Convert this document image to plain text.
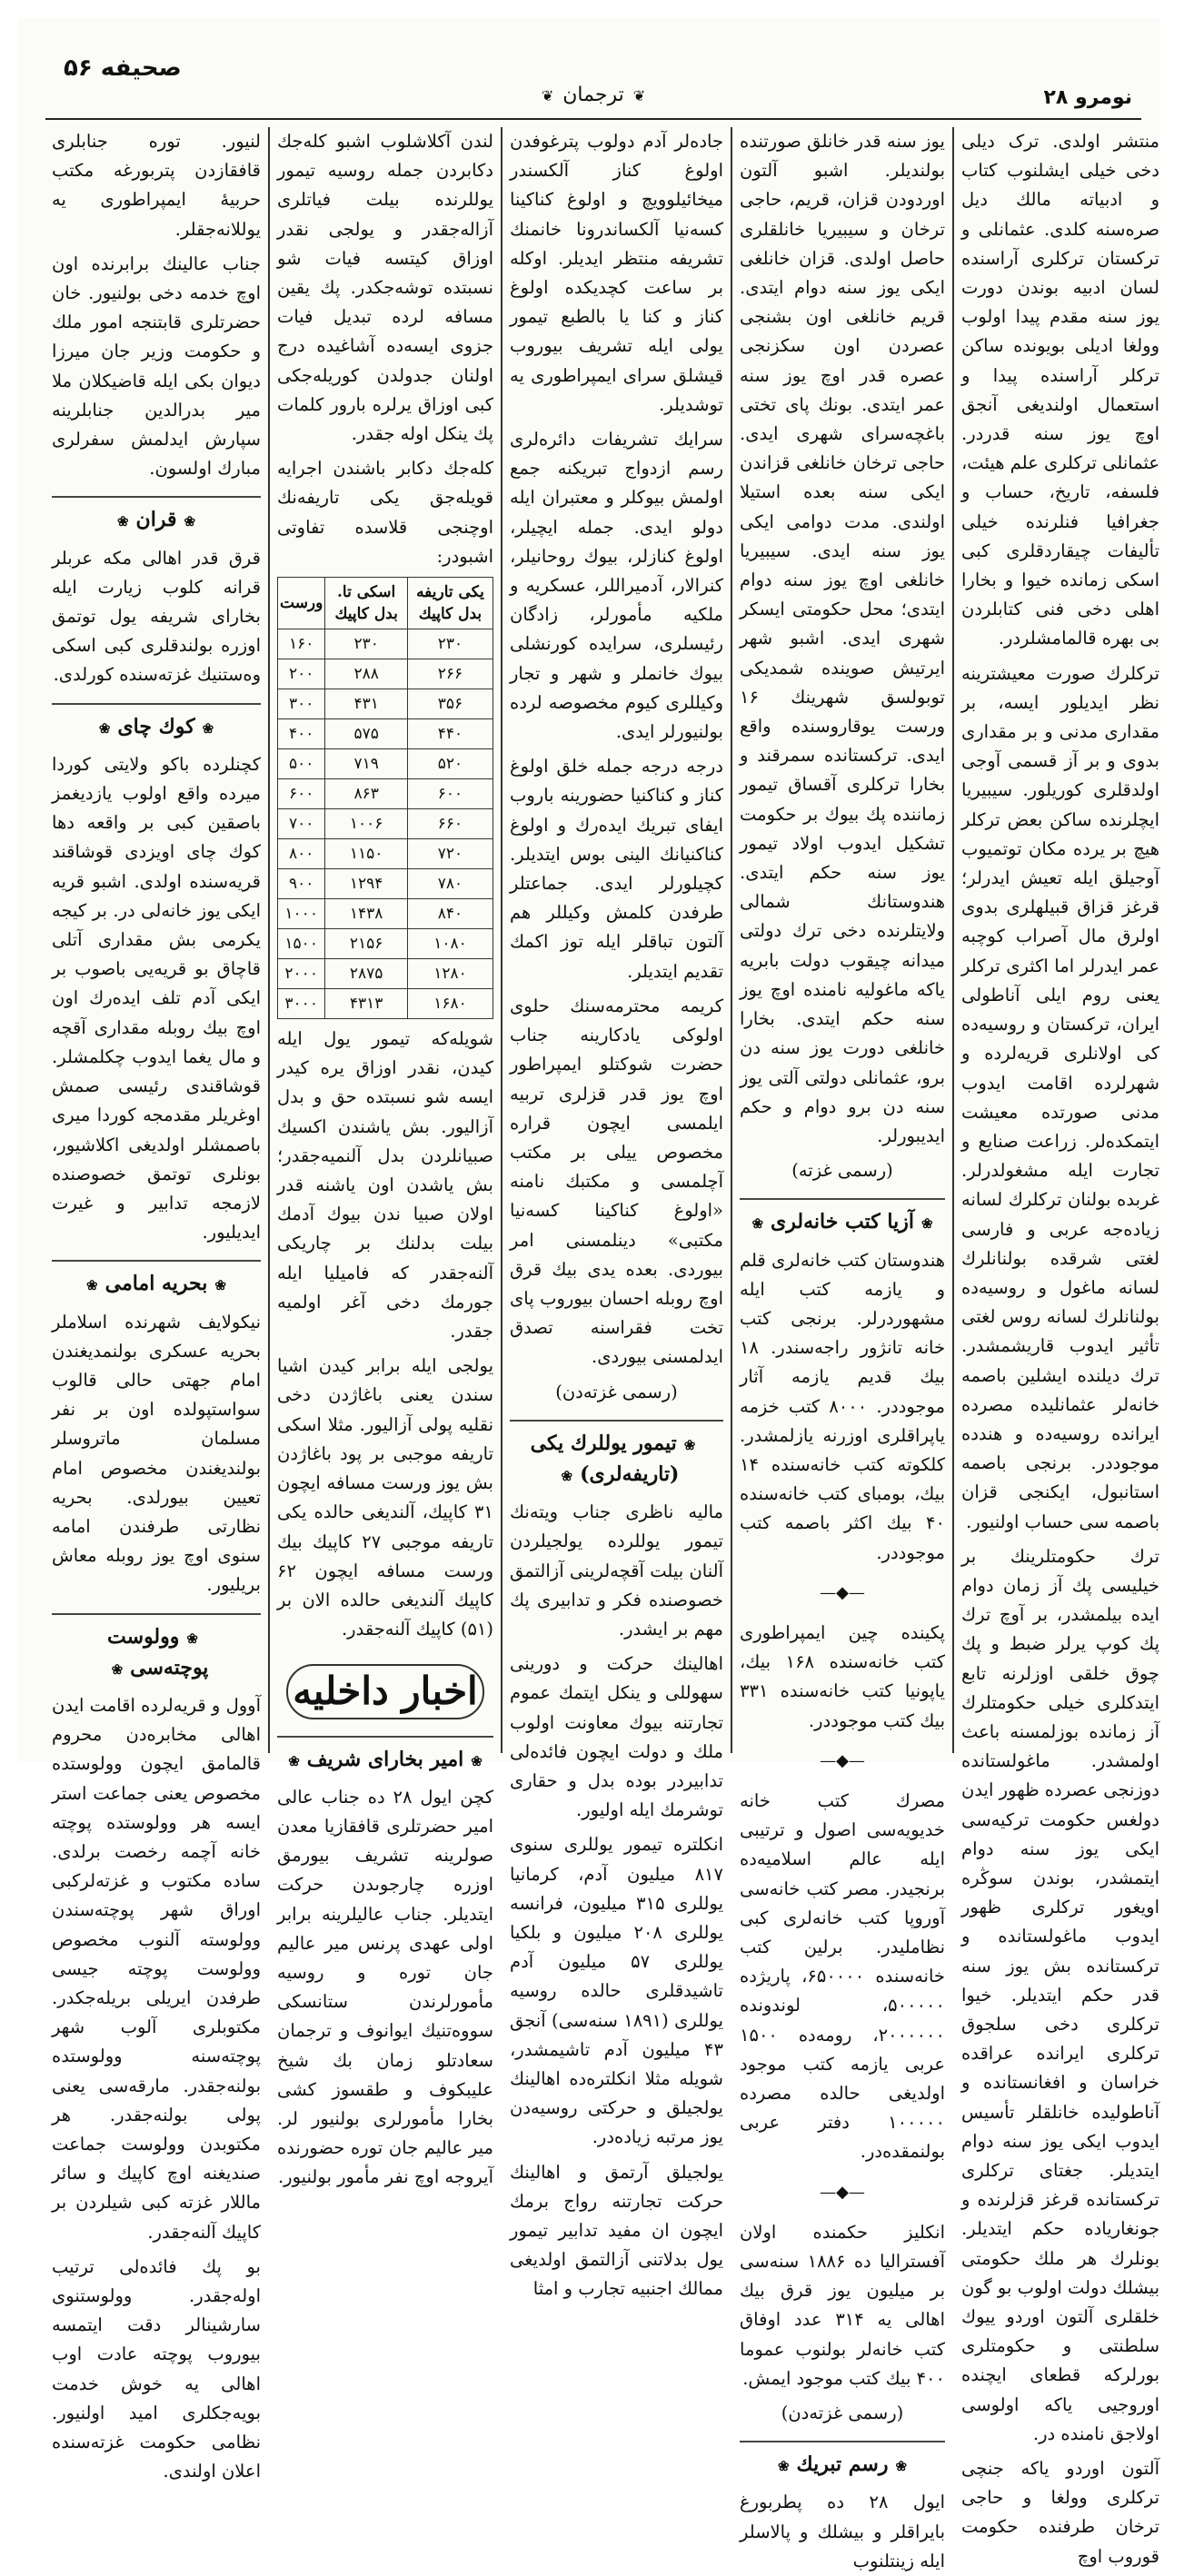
صحیفه ۵۶
❦ ترجمان ❦	نومرو ۲۸

منتشر اولدی. ترک دیلی دخی خیلی ایشلنوب کتاب و ادبیاته مالك دیل صرەسنه کلدی. عثمانلی و ترکستان ترکلری آراسنده لسان ادبیه بوندن دورت یوز سنه مقدم پیدا اولوب وولغا ادیلی بویونده ساکن ترکلر آراسنده پیدا و استعمال اولندیغی آنجق اوچ یوز سنه قدردر. عثمانلی ترکلری علم هیئت، فلسفه، تاریخ، حساب و جغرافیا فنلرنده خیلی تألیفات چیقاردقلری کبی اسکی زمانده خیوا و بخارا اهلی دخی فنی کتابلردن بی بهره قالمامشلردر.

ترکلرك صورت معیشترینه نظر ایدیلور ایسه، بر مقداری مدنی و بر مقداری بدوی و بر آز قسمی آوجی اولدقلری کوریلور. سیبیریا ایچلرنده ساکن بعض ترکلر هیچ بر یرده مکان توتمیوب آوجیلق ایله تعیش ایدرلر؛ قرغز قزاق قبیلهلری بدوی اولرق مال آصراب کوچبه عمر ایدرلر اما اکثری ترکلر یعنی روم ایلی آناطولی ایران، ترکستان و روسیەده کی اولانلری قریەلرده و شهرلرده اقامت ایدوب مدنی صورتده معیشت ایتمکدەلر. زراعت صنایع و تجارت ایله مشغولدرلر. غربده بولنان ترکلرك لسانه زیادەجه عربی و فارسی لغتی شرقده بولنانلرك لسانه ماغول و روسیەده بولنانلرك لسانه روس لغتی تأثیر ایدوب قاریشمشدر. ترك دیلنده ایشلین باصمه خانەلر عثمانلیده مصرده ایرانده روسیەده و هندده موجوددر. برنجی باصمه استانبول، ایکنجی قزان باصمه سی حساب اولنیور.

ترك حکومتلرینك بر خیلیسی پك آز زمان دوام ایدە بیلمشدر، بر آوچ ترك پك کوپ یرلر ضبط و پك چوق خلقی اوزلرنه تابع ایتدکلری خیلی حکومتلرك آز زمانده بوزلمسنه باعث اولمشدر. ماغولستاندە دوزنجی عصردە ظهور ایدن دولغس حکومت ترکیەسی ایکی یوز سنه دوام ایتمشدر، بوندن سوڭره اویغور ترکلری ظهور ایدوب ماغولستانده و ترکستانده بش یوز سنه قدر حکم ایتدیلر. خیوا ترکلری دخی سلجوق ترکلری ایرانده عراقده خراسان و افغانستانده و آناطولیده خانلقلر تأسیس ایدوب ایکی یوز سنه دوام ایتدیلر. جغتای ترکلری ترکستانده قرغز قزلرنده و جونغاریاده حکم ایتدیلر. بونلرك هر ملك حکومتی بیشلك دولت اولوب بو گون خلقلری آلتون اوردو ییوك سلطنتی و حکومتلری بورلرکه قطعای ایچنده اوروجیی یاکه اولوسی اولاجق نامنده در.

آلتون اوردو یاکه جنچی ترکلری وولغا و حاجی ترخان طرفنده حکومت قوروب اوچ

یوز سنه قدر خانلق صورتنده بولندیلر. اشبو آلتون اوردودن قزان، قریم، حاجی ترخان و سیبیریا خانلقلری حاصل اولدی. قزان خانلغی ایکی یوز سنه دوام ایتدی. قریم خانلغی اون بشنجی عصردن اون سکزنجی عصره قدر اوچ یوز سنه عمر ایتدی. بونك پای تختی باغچەسرای شهری ایدی. حاجی ترخان خانلغی قزاندن ایکی سنه بعده استیلا اولندی. مدت دوامی ایکی یوز سنه ایدی. سیبیریا خانلغی اوچ یوز سنه دوام ایتدی؛ محل حکومتی ایسکر شهری ایدی. اشبو شهر ایرتیش صوینده شمدیکی توبولسق شهرینك ۱۶ ورست یوقاروسنده واقع ایدی. ترکستانده سمرقند و بخارا ترکلری آقساق تیمور زماننده پك بیوك بر حکومت تشکیل ایدوب اولاد تیمور یوز سنه حکم ایتدی. هندوستانك شمالی ولایتلرنده دخی ترك دولتی میدانه چیقوب دولت بابریه یاکه ماغولیه نامنده اوچ یوز سنه حکم ایتدی. بخارا خانلغی دورت یوز سنه دن برو، عثمانلی دولتی آلتی یوز سنه دن برو دوام و حکم ایدیبورلر.

(رسمی غزته)
❀ آزیا کتب خانەلری ❀

هندوستان کتب خانەلری قلم و یازمه کتب ایله مشهوردرلر. برنجی کتب خانه تانژور راجەسندر. ۱۸ بیك قدیم یازمه آثار موجوددر. ۸۰۰۰ کتب خزمه یاپراقلری اوزرنه یازلمشدر. کلکوته کتب خانەسنده ۱۴ بیك، بومبای کتب خانەسنده ۴۰ بیك اکثر باصمه کتب موجوددر.

—◆—

پکینده چین ایمپراطوری کتب خانەسنده ۱۶۸ بیك، یاپونیا کتب خانەسنده ۳۳۱ بیك کتب موجوددر.

—◆—

مصرك کتب خانه خدیویەسی اصول و ترتیبی ایله عالم اسلامیەده برنجیدر. مصر کتب خانەسی آوروپا کتب خانەلری کبی نظاملیدر. برلین کتب خانەسنده ۶۵۰۰۰۰، پاریژده ۵۰۰۰۰۰، لوندونده ۲۰۰۰۰۰۰، رومەده ۱۵۰۰ عربی یازمه کتب موجود اولدیغی حالده مصرده ۱۰۰۰۰۰ دفتر عربی بولنمقدەدر.

—◆—

انکلیز حکمنده اولان آفستراليا ده ۱۸۸۶ سنه‌سی بر میلیون یوز قرق بیك اهالی یه ۳۱۴ عدد اوفاق کتب خانەلر بولنوب عموما ۴۰۰ بیك کتب موجود ایمش.

(رسمی غزته‌دن)
❀ رسم تبریك ❀

ایول ۲۸ ده پطربورغ بایراقلر و بیشلك و پالاسلر ایله زینتلنوب

جادەلر آدم دولوب پترغوفدن اولوغ کناز آلکسندر میخائیلوویچ و اولوغ کناکینا کسەنیا آلکساندرونا خانمنك تشریفه منتظر ایدیلر. اوکله بر ساعت کچدیکده اولوغ کناز و کنا یا بالطبع تیمور یولی ایله تشریف بیوروب قیشلق سرای ایمپراطوری یه توشدیلر.

سرایك تشریفات دائرەلری رسم ازدواج تبریکنه جمع اولمش بیوکلر و معتبران ایله دولو ایدی. جمله ایچیلر، اولوغ کنازلر، بیوك روحانیلر، کنرالار، آدمیراللر، عسکریه و ملکیه مأمورلر، زادگان رئیسلری، سرایده کورنشلی بیوك خانملر و شهر و تجار وکیللری کیوم مخصوصه لرده بولنیورلر ایدی.

درجه درجه جمله خلق اولوغ کناز و کناکنیا حضورینه باروب ایفای تبریك ایدەرك و اولوغ کناکنیانك الینی بوس ایتدیلر. کچیلورلر ایدی. جماعتلر طرفدن کلمش وکیللر هم آلتون تباقلر ایله توز اکمك تقدیم ایتدیلر.

کریمه محترمەسنك حلوی اولوکی یادکارینه جناب حضرت شوکتلو ایمپراطور اوچ یوز قدر قزلری تربیە ایلمسی ایچون قرارە مخصوص ییلی بر مکتب آچلمسی و مکتبك نامنه «اولوغ کناکینا کسەنیا مکتبی» دینلمسنی امر بیوردی. بعده یدی بیك قرق اوچ روبلە احسان بیوروب پای تخت فقراسنه تصدق ایدلمسنی بیوردی.

(رسمی غزته‌دن)
❀ تیمور یوللرك یکی (تاریفەلری) ❀

مالیه ناظری جناب ویتەنك تیمور یوللرده یولجیلردن آلنان بیلت آقچەلرینی آزالتمق خصوصنده فکر و تدابیری پك مهم بر ایشدر.

اهالینك حرکت و دورینی سهوللی و ینکل ایتمك عموم تجارتنه بیوك معاونت اولوب ملك و دولت ایچون فائدەلی تدابیردر بوده بدل و حقاری توشرمك ایله اولیور.

انکلتره تیمور یوللری سنوی ۸۱۷ میلیون آدم، کرمانیا یوللری ۳۱۵ میلیون، فرانسه یوللری ۲۰۸ میلیون و بلکیا یوللری ۵۷ میلیون آدم تاشیدقلری حالده روسیه یوللری (۱۸۹۱ سنەسی) آنجق ۴۳ میلیون آدم تاشیمشدر، شویله مثلا انکلترەده اهالینك یولجیلق و حرکتی روسیەدن یوز مرتبه زیادەدر.

یولجیلق آرتمق و اهالینك حرکت تجارتنه رواج برمك ایچون ان مفید تدابیر تیمور یول بدلاتنی آزالتمق اولدیغی ممالك اجنبیه تجارب و امثا

لندن آکلاشلوب اشبو کلەجك دکابردن جمله روسیه تیمور یوللرنده بیلت فیاتلری آزالەجقدر و یولجی نقدر اوزاق کیتسه فیات شو نسبتده توشەجکدر. پك یقین مسافه لرده تبدیل فیات جزوی ایسەده آشاغیده درج اولنان جدولدن کوریلەجکی کبی اوزاق یرلره بارور کلمات پك ینکل اوله جقدر.

کله‌جك دکابر باشندن اجرایه قویله‌جق یکی تاریفه‌نك اوچنجی قلاسده تفاوتی اشبودر:

یکی تاریفه بدل کاپیك	اسکی تا. بدل کاپیك	ورست
۲۳۰	۲۳۰	۱۶۰
۲۶۶	۲۸۸	۲۰۰
۳۵۶	۴۳۱	۳۰۰
۴۴۰	۵۷۵	۴۰۰
۵۲۰	۷۱۹	۵۰۰
۶۰۰	۸۶۳	۶۰۰
۶۶۰	۱۰۰۶	۷۰۰
۷۲۰	۱۱۵۰	۸۰۰
۷۸۰	۱۲۹۴	۹۰۰
۸۴۰	۱۴۳۸	۱۰۰۰
۱۰۸۰	۲۱۵۶	۱۵۰۰
۱۲۸۰	۲۸۷۵	۲۰۰۰
۱۶۸۰	۴۳۱۳	۳۰۰۰

شویله‌که تیمور یول ایله کیدن، نقدر اوزاق یره کیدر ایسه شو نسبتده حق و بدل آزالیور. بش یاشندن اکسیك صبیانلردن بدل آلنمیه‌جقدر؛ بش یاشدن اون یاشنه قدر اولان صبیا ندن بیوك آدمك بیلت بدلنك بر چاریکی آلنه‌جقدر که فامیلیا ایله جورمك دخی آغر اولمیه جقدر.

یولجی ایله برابر کیدن اشیا سندن یعنی باغاژدن دخی نقلیه پولی آزالیور. مثلا اسکی تاریفه موجبی بر پود باغاژدن بش یوز ورست مسافه ایچون ۳۱ کاپیك، آلندیغی حالده یکی تاریفه موجبی ۲۷ کاپیك بیك ورست مسافه ایچون ۶۲ کاپیك آلندیغی حالده الان بر (۵۱) کاپیك آلنه‌جقدر.

اخبار داخلیه
❀ امیر بخارای شریف ❀

کچن ایول ۲۸ ده جناب عالی امیر حضرتلری قافقازیا معدن صولرینه تشریف بیورمق اوزره چارجوىدن حرکت ایتدیلر. جناب عالیلرینه برابر اولی عهدی پرنس میر عالیم جان توره و روسیه مأمورلرندن ستانسکی سووه‌تنیك ایوانوف و ترجمان سعادتلو زمان بك شیخ علیبکوف و طقسوز کشی بخارا مأمورلری بولنیور لر. میر عالیم جان توره حضورنده آیروجه اوچ نفر مأمور بولنیور.

لنیور. توره جنابلری قافقازدن پتربورغه مکتب حربیۀ ایمپراطوری یه یوللانه‌جقلر.

جناب عالینك برابرنده اون اوچ خدمه دخی بولنیور. خان حضرتلری قابتنجه امور ملك و حکومت وزیر جان میرزا دیوان بکی ایله قاضیکلان ملا میر بدرالدین جنابلرینه سپارش ایدلمش سفرلری مبارك اولسون.

❀ قران ❀

قرق قدر اهالی مکه عربلر قرانه کلوب زیارت ایله بخارای شریفه یول توتمق اوزره بولندقلری کبی اسکی وەستنیك غزته‌سنده کورلدی.

❀ کوك چای ❀

کچنلرده باکو ولایتی کوردا میرده واقع اولوب یازدیغمز باصقین کبی بر واقعه دها کوك چای اویزدی قوشاقند قریەسنده اولدی. اشبو قریه ایکی یوز خانه‌لی در. بر کیجه یکرمی بش مقداری آتلی قاچاق بو قریەیی باصوب بر ایکی آدم تلف ایدەرك اون اوچ بیك روبلە مقداری آقچه و مال یغما ایدوب چکلمشلر. قوشاقندی رئیسی صمش اوغریلر مقدمجه کوردا میری باصمشلر اولدیغی اکلاشیور، بونلری توتمق خصوصنده لازمجه تدابیر و غیرت ایدیلیور.

❀ بحریه امامی ❀

نیکولایف شهرنده اسلاملر بحریه عسکری بولنمدیغندن امام جهتی حالی قالوب سواستپولده اون بر نفر مسلمان ماتروسلر بولندیغندن مخصوص امام تعیین بیورلدی. بحریه نظارتی طرفندن امامه سنوی اوچ یوز روبله معاش بریلیور.

❀ وولوست پوچته‌سی ❀

آوول و قریه‌لرده اقامت ایدن اهالی مخابره‌دن محروم قالمامق ایچون وولوستده مخصوص یعنی جماعت استر ایسه هر وولوستده پوچته خانه آچمه رخصت برلدی. ساده مکتوب و غزته‌لرکبی اوراق شهر پوچته‌سندن وولوستە آلنوب مخصوص وولوست پوچته جیسی طرفدن ایریلی بریله‌جکدر. مکتوبلری آلوب شهر پوچته‌سنه وولوستده بولنه‌جقدر. مارقه‌سی یعنی پولی بولنه‌جقدر. هر مکتوبدن وولوست جماعت صندیغنه اوچ کاپیك و سائر ماللار غزته کبی شیلردن بر کاپیك آلنه‌جقدر.

بو پك فائده‌لی ترتیب اوله‌جقدر. وولوستنوی سارشینالر دقت ایتمسه بیوروب پوچته عادت اوب اهالی یه خوش خدمت بویه‌جکلری امید اولنیور. نظامی حکومت غزته‌سنده اعلان اولندی.
